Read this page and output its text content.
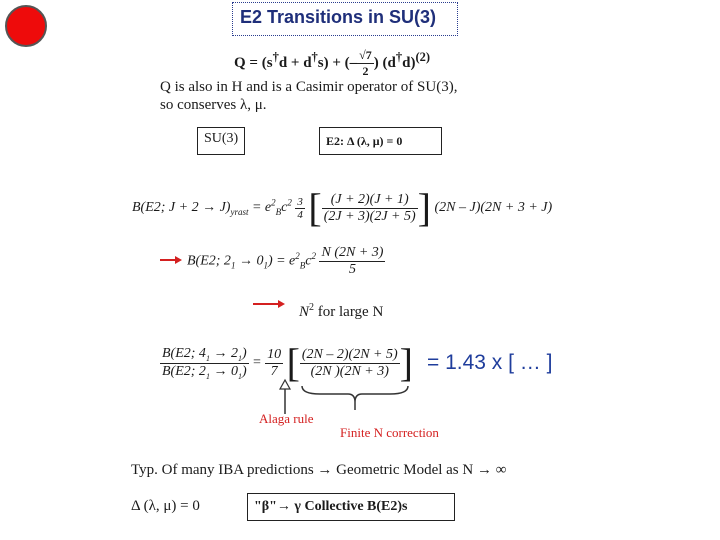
E2 Transitions in SU(3)
Q = (s†d + d†s) + (– $\frac{√7}{2}$ ) $(d^\dagger d)^{(2)}$
Q is also in H and is a Casimir operator of SU(3),
so conserves λ, μ.
SU(3)	E2: Δ (λ, μ) = 0
B(E2; $J + 2 \to J)_{yrast} = e^2_Bc^2 \frac{3}{4}$ [ $\frac{(J + 2)(J + 1)}{(2J + 3)(2J + 5)}$ ] (2N – J)(2N + 3 + J)
B(E2; $2_1 \to 0_1) = e^2_Bc^2 \frac{N (2N + 3)}{5}$
$N^2$ for large N
$\frac{B(E2; 4_1 \to 2_1)}{B(E2; 2_1 \to 0_1)} = \frac{10}{7}$ [ $\frac{(2N - 2)(2N + 5)}{(2N )(2N + 3)}$ ] = 1.43 x [ … ]
Alaga rule
Finite N correction
Typ. Of many IBA predictions → Geometric Model as N → ∞
Δ (λ, μ) = 0	"β"→ γ Collective B(E2)s
